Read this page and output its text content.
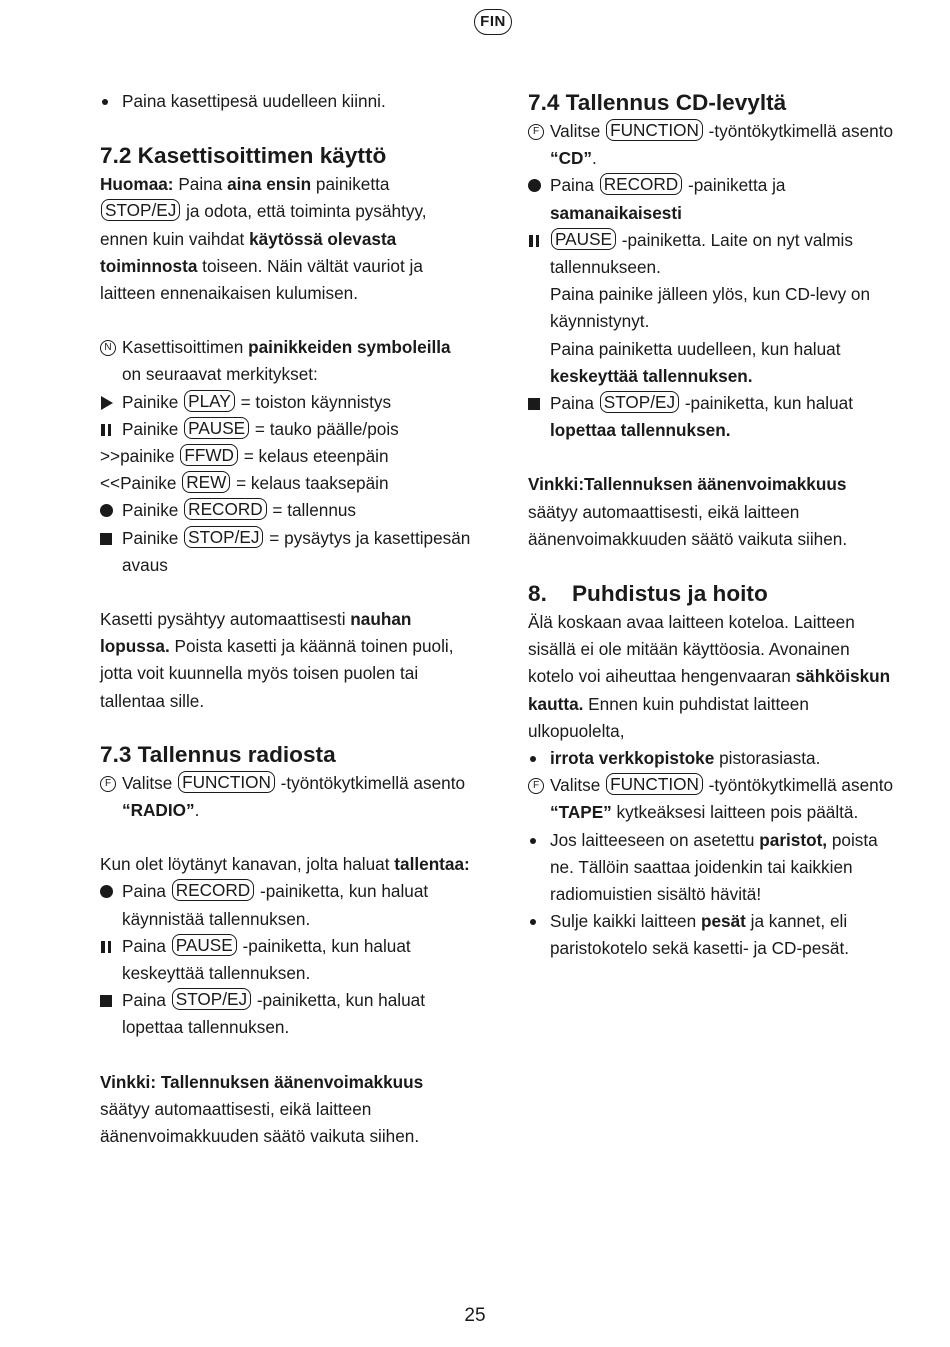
FIN
Paina kasettipesä uudelleen kiinni.
7.2 Kasettisoittimen käyttö

Huomaa: Paina aina ensin painiketta STOP/EJ ja odota, että toiminta pysähtyy, ennen kuin vaihdat käytössä olevasta toiminnosta toiseen. Näin vältät vauriot ja laitteen ennenaikaisen kulumisen.

N Kasettisoittimen painikkeiden symboleilla on seuraavat merkitykset:
Painike PLAY = toiston käynnistys
Painike PAUSE = tauko päälle/pois
>>painike FFWD = kelaus eteenpäin
<<Painike REW = kelaus taaksepäin
Painike RECORD = tallennus
Painike STOP/EJ = pysäytys ja kasettipesän avaus

Kasetti pysähtyy automaattisesti nauhan lopussa. Poista kasetti ja käännä toinen puoli, jotta voit kuunnella myös toisen puolen tai tallentaa sille.

7.3 Tallennus radiosta
F Valitse FUNCTION -työntökytkimellä asento “RADIO”.

Kun olet löytänyt kanavan, jolta haluat tallentaa:

Paina RECORD -painiketta, kun haluat käynnistää tallennuksen.
Paina PAUSE -painiketta, kun haluat keskeyttää tallennuksen.
Paina STOP/EJ -painiketta, kun haluat lopettaa tallennuksen.

Vinkki: Tallennuksen äänenvoimakkuus säätyy automaattisesti, eikä laitteen äänenvoimakkuuden säätö vaikuta siihen.

7.4 Tallennus CD-levyltä
F Valitse FUNCTION -työntökytkimellä asento “CD”.
Paina RECORD -painiketta ja samanaikaisesti
PAUSE -painiketta. Laite on nyt valmis tallennukseen.
Paina painike jälleen ylös, kun CD-levy on käynnistynyt.
Paina painiketta uudelleen, kun haluat keskeyttää tallennuksen.
Paina STOP/EJ -painiketta, kun haluat lopettaa tallennuksen.

Vinkki:Tallennuksen äänenvoimakkuus säätyy automaattisesti, eikä laitteen äänenvoimakkuuden säätö vaikuta siihen.

8.    Puhdistus ja hoito

Älä koskaan avaa laitteen koteloa. Laitteen sisällä ei ole mitään käyttöosia. Avonainen kotelo voi aiheuttaa hengenvaaran sähköiskun kautta. Ennen kuin puhdistat laitteen ulkopuolelta,

irrota verkkopistoke pistorasiasta.
F Valitse FUNCTION -työntökytkimellä asento “TAPE” kytkeäksesi laitteen pois päältä.
Jos laitteeseen on asetettu paristot, poista ne. Tällöin saattaa joidenkin tai kaikkien radiomuistien sisältö hävitä!
Sulje kaikki laitteen pesät ja kannet, eli paristokotelo sekä kasetti- ja CD-pesät.
25
